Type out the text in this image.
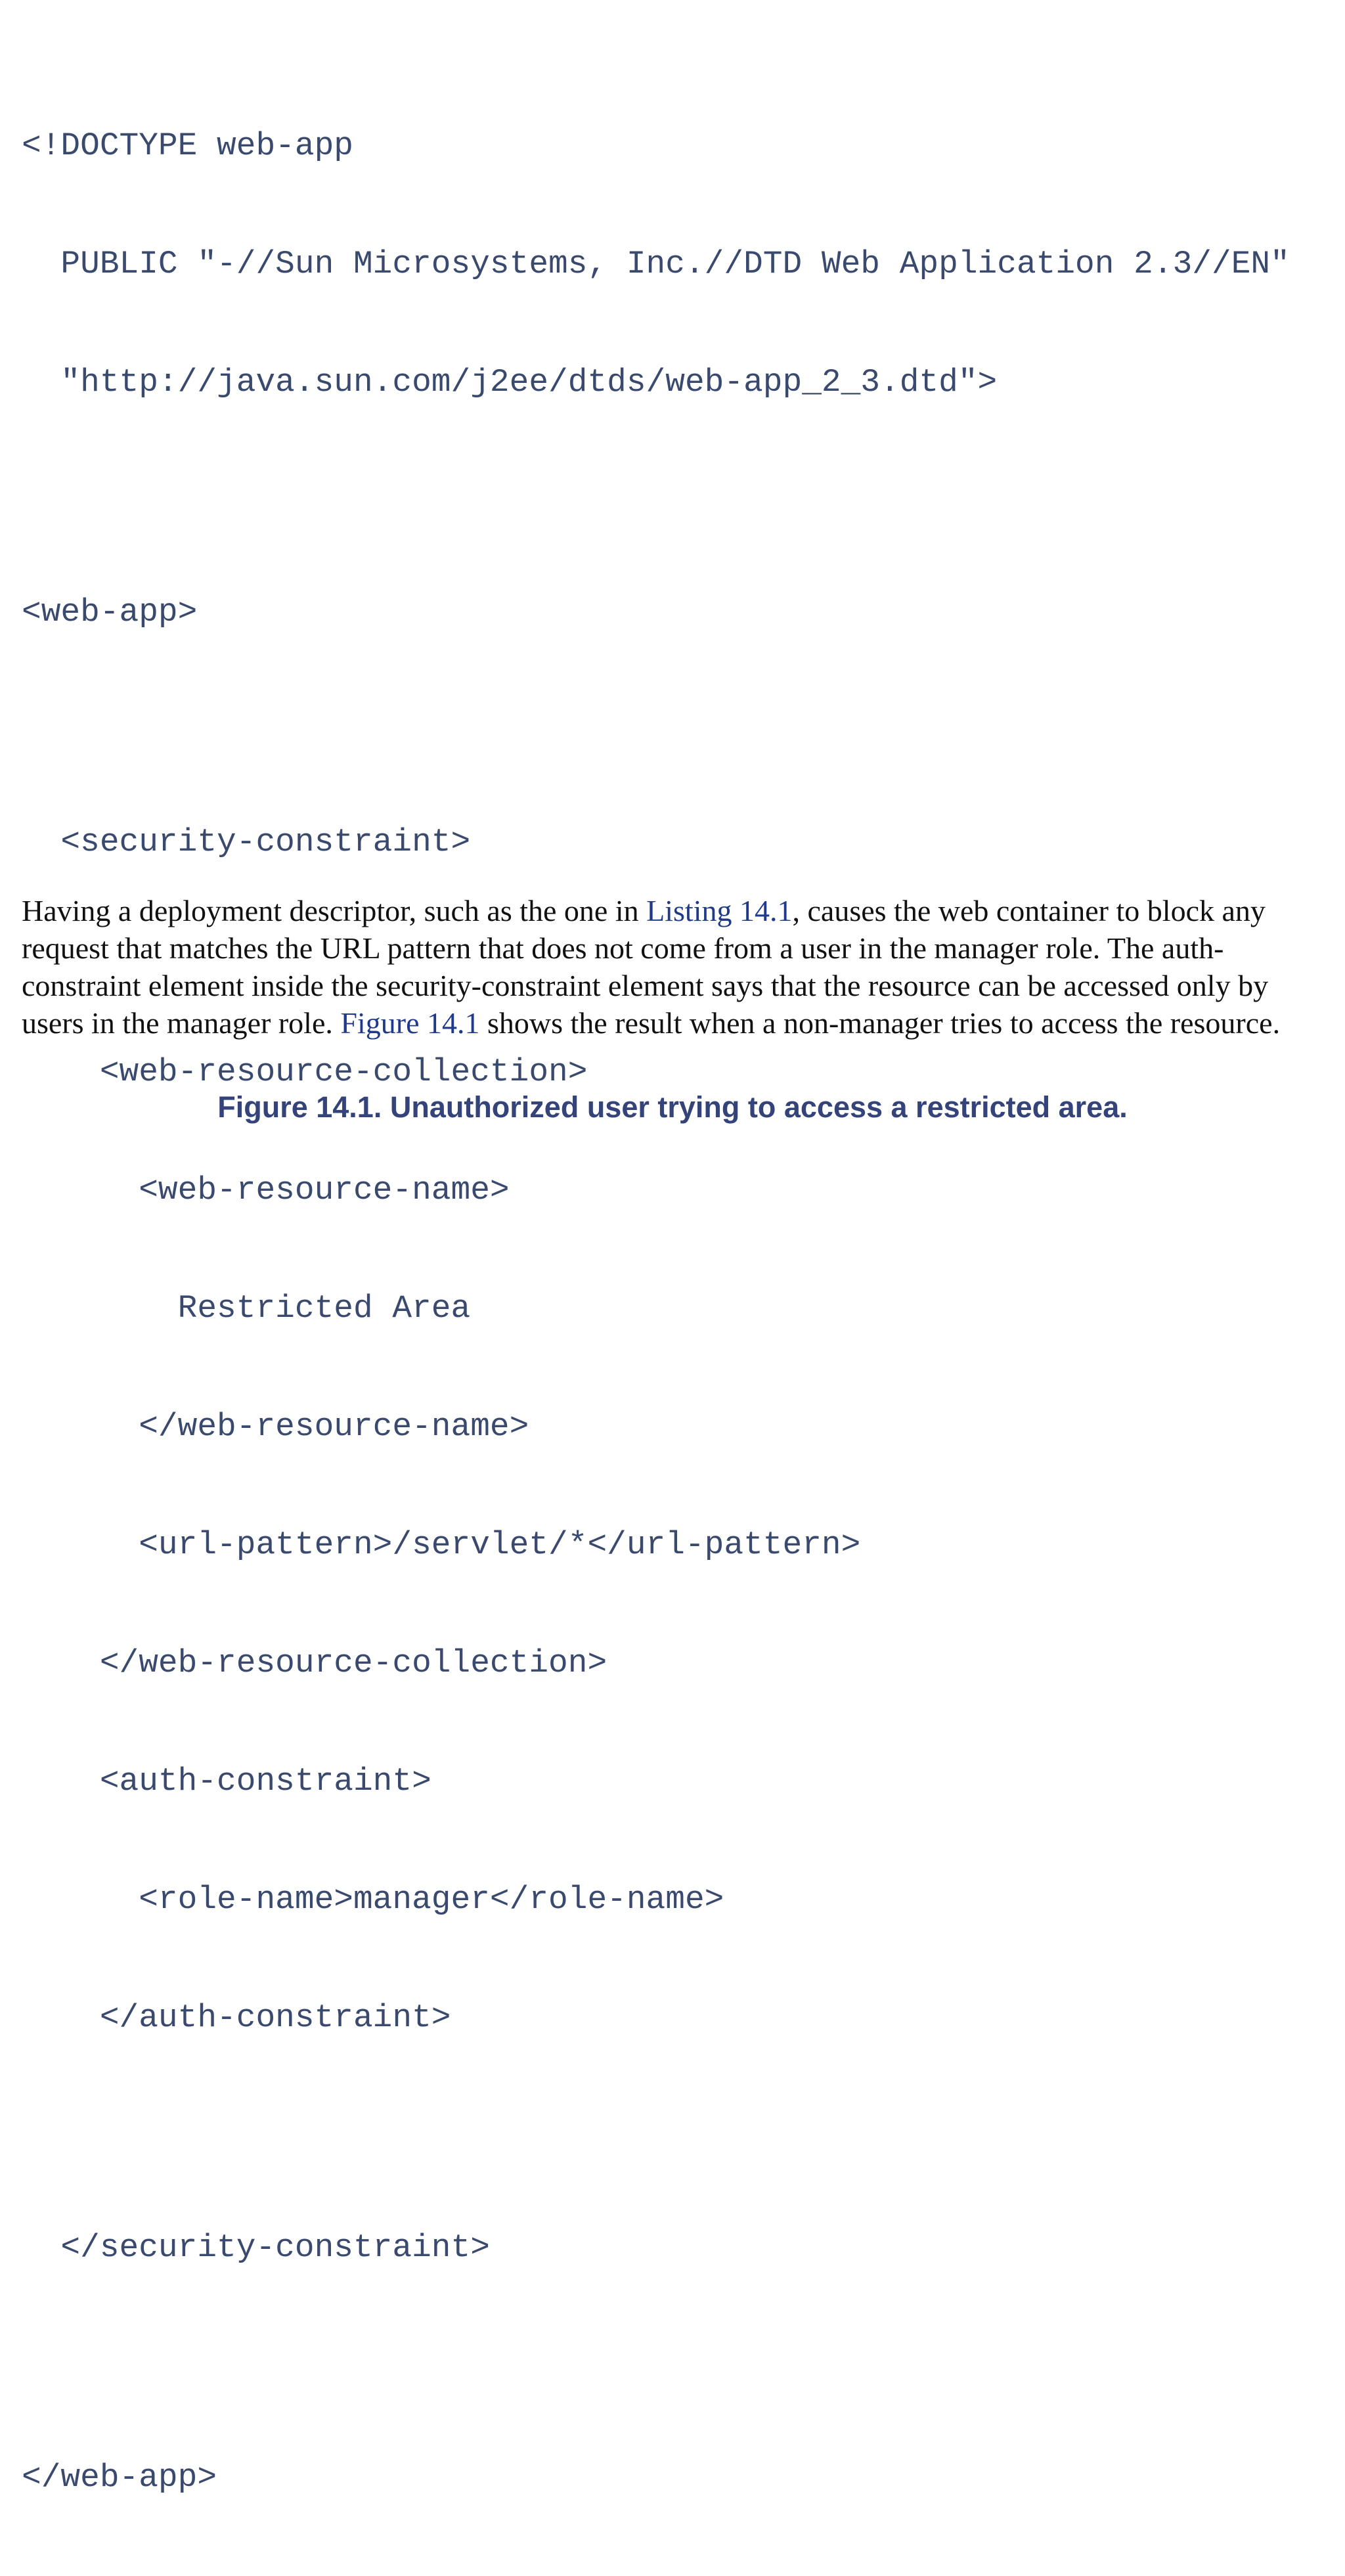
<!DOCTYPE web-app

PUBLIC "-//Sun Microsystems, Inc.//DTD Web Application 2.3//EN"

"http://java.sun.com/j2ee/dtds/web-app_2_3.dtd">

<web-app>

<security-constraint>

<web-resource-collection>

<web-resource-name>

Restricted Area

</web-resource-name>

<url-pattern>/servlet/*</url-pattern>

</web-resource-collection>

<auth-constraint>

<role-name>manager</role-name>

</auth-constraint>

</security-constraint>

</web-app>

Having a deployment descriptor, such as the one in Listing 14.1, causes the web container to block any request that matches the URL pattern that does not come from a user in the manager role. The auth-constraint element inside the security-constraint element says that the resource can be accessed only by users in the manager role. Figure 14.1 shows the result when a non-manager tries to access the resource.

Figure 14.1. Unauthorized user trying to access a restricted area.
